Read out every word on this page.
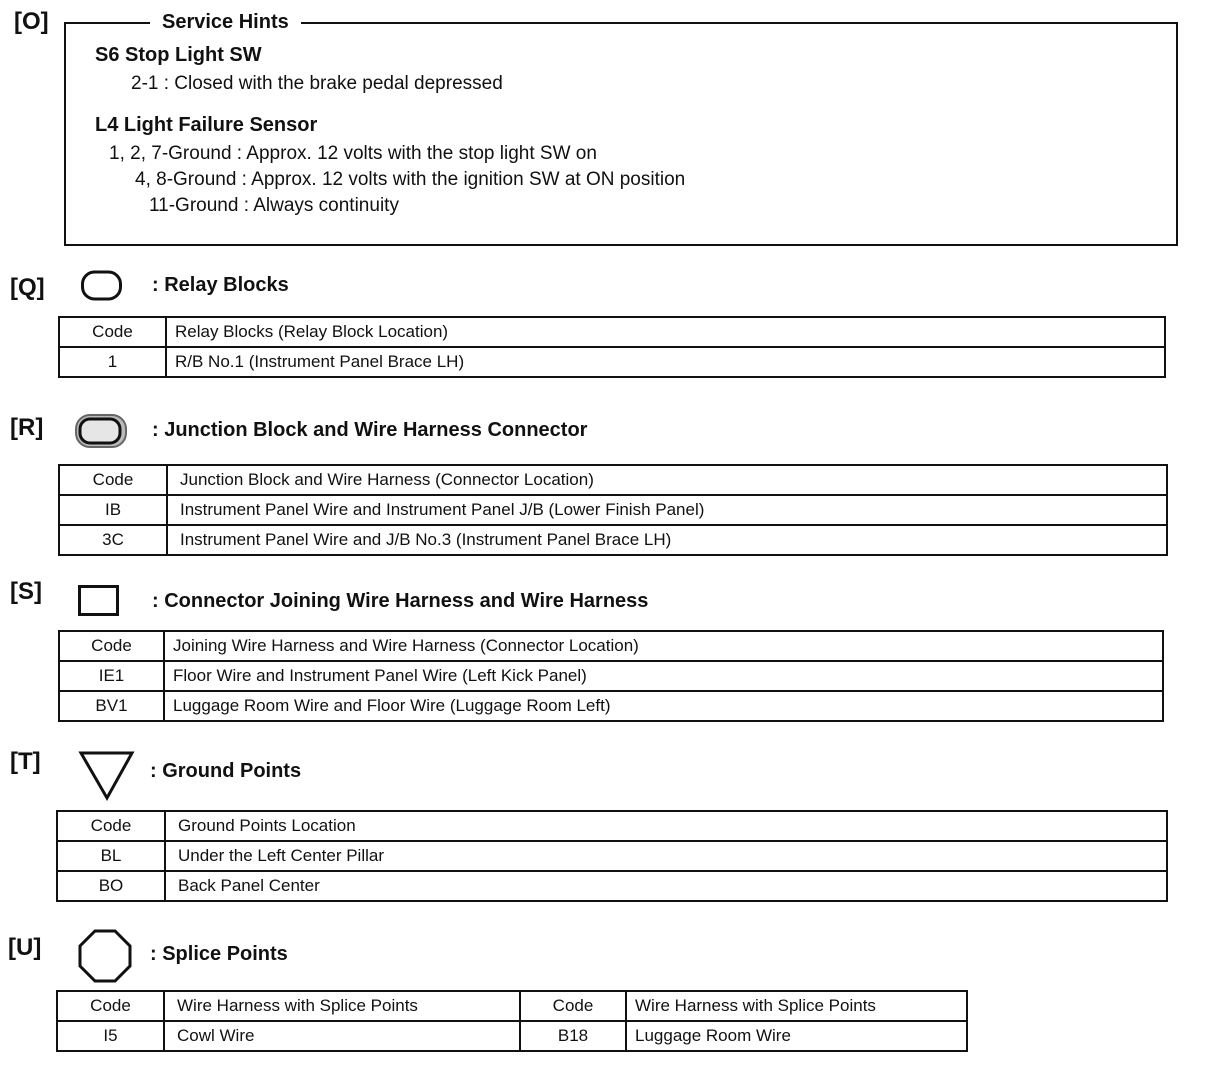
[O]	Service Hints
S6 Stop Light SW
2-1 : Closed with the brake pedal depressed
L4 Light Failure Sensor
1, 2, 7-Ground : Approx. 12 volts with the stop light SW on
4, 8-Ground : Approx. 12 volts with the ignition SW at ON position
11-Ground : Always continuity
[Q]	: Relay Blocks
Code	Relay Blocks (Relay Block Location)
1	R/B No.1 (Instrument Panel Brace LH)
[R]	: Junction Block and Wire Harness Connector
Code	Junction Block and Wire Harness (Connector Location)
IB	Instrument Panel Wire and Instrument Panel J/B (Lower Finish Panel)
3C	Instrument Panel Wire and J/B No.3 (Instrument Panel Brace LH)
[S]	: Connector Joining Wire Harness and Wire Harness
Code	Joining Wire Harness and Wire Harness (Connector Location)
IE1	Floor Wire and Instrument Panel Wire (Left Kick Panel)
BV1	Luggage Room Wire and Floor Wire (Luggage Room Left)
[T]	: Ground Points
Code	Ground Points Location
BL	Under the Left Center Pillar
BO	Back Panel Center
[U]	: Splice Points
Code	Wire Harness with Splice Points	Code	Wire Harness with Splice Points
I5	Cowl Wire	B18	Luggage Room Wire
